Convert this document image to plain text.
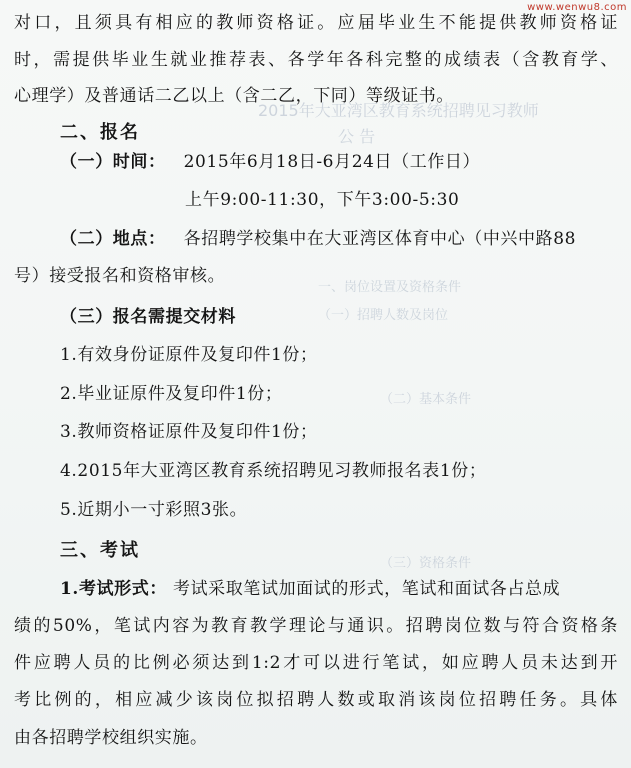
2015年大亚湾区教育系统招聘见习教师
公 告
一、岗位设置及资格条件
（一）招聘人数及岗位
（二）基本条件
（三）资格条件
www.wenwu8.com
对口，且须具有相应的教师资格证。应届毕业生不能提供教师资格证
时，需提供毕业生就业推荐表、各学年各科完整的成绩表（含教育学、
心理学）及普通话二乙以上（含二乙，下同）等级证书。
二、报名
（一）时间： 2015年6月18日-6月24日（工作日）
上午9:00-11:30，下午3:00-5:30
（二）地点： 各招聘学校集中在大亚湾区体育中心（中兴中路88
号）接受报名和资格审核。
（三）报名需提交材料
1.有效身份证原件及复印件1份；
2.毕业证原件及复印件1份；
3.教师资格证原件及复印件1份；
4.2015年大亚湾区教育系统招聘见习教师报名表1份；
5.近期小一寸彩照3张。
三、考试
1.考试形式： 考试采取笔试加面试的形式，笔试和面试各占总成
绩的50%，笔试内容为教育教学理论与通识。招聘岗位数与符合资格条
件应聘人员的比例必须达到1:2才可以进行笔试，如应聘人员未达到开
考比例的，相应减少该岗位拟招聘人数或取消该岗位招聘任务。具体
由各招聘学校组织实施。
